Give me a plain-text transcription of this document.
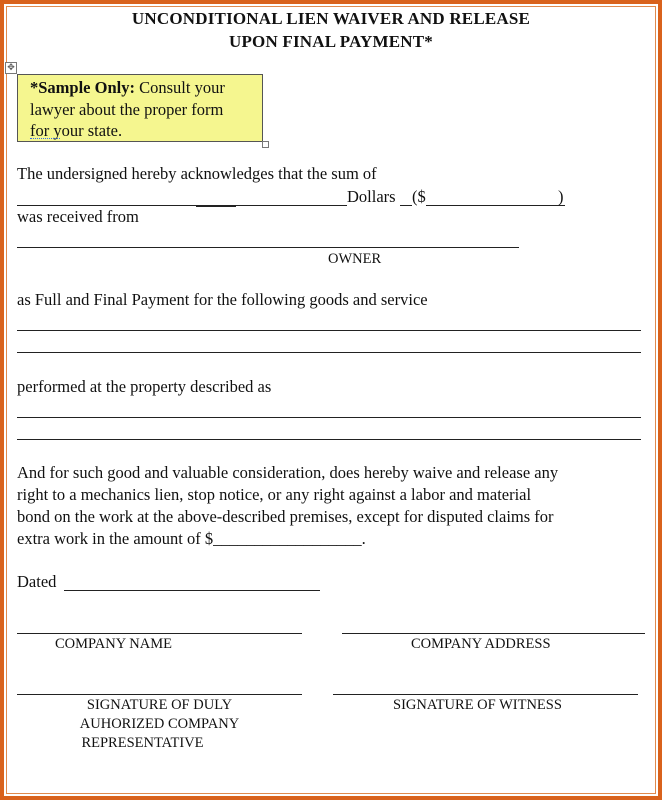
UNCONDITIONAL LIEN WAIVER AND RELEASE
UPON FINAL PAYMENT*
✥
*Sample Only: Consult your
lawyer about the proper form
for your state.
The undersigned hereby acknowledges that the sum of
Dollars ($	)
was received from
OWNER
as Full and Final Payment for the following goods and service
performed at the property described as
And for such good and valuable consideration, does hereby waive and release any
right to a mechanics lien, stop notice, or any right against a labor and material
bond on the work at the above-described premises, except for disputed claims for
extra work in the amount of $__________________.
Dated
COMPANY NAME	COMPANY ADDRESS
SIGNATURE OF DULY
AUHORIZED COMPANY
REPRESENTATIVE
SIGNATURE OF WITNESS
